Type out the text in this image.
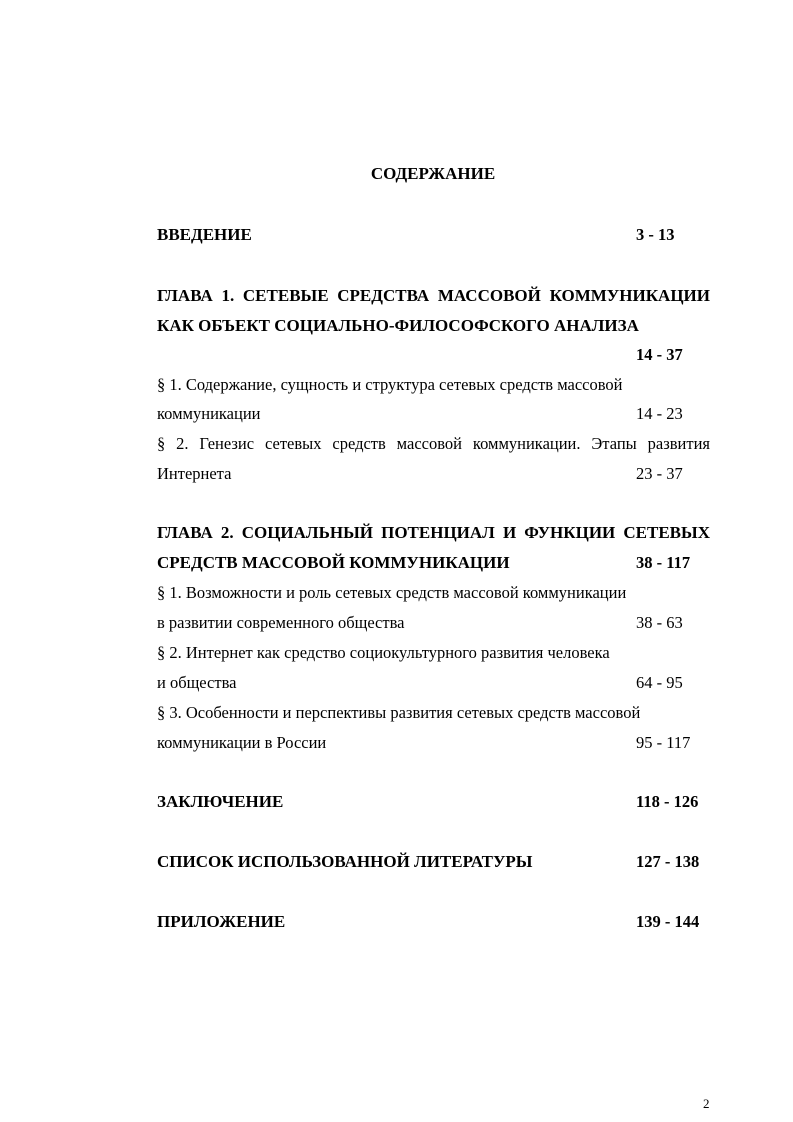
СОДЕРЖАНИЕ
ВВЕДЕНИЕ	3 - 13
ГЛАВА 1. СЕТЕВЫЕ СРЕДСТВА МАССОВОЙ КОММУНИКАЦИИ
КАК ОБЪЕКТ СОЦИАЛЬНО-ФИЛОСОФСКОГО АНАЛИЗА
14 - 37
§ 1. Содержание, сущность и структура сетевых средств массовой
коммуникации	14 - 23
§ 2. Генезис сетевых средств массовой коммуникации. Этапы развития
Интернета	23 - 37
ГЛАВА 2. СОЦИАЛЬНЫЙ ПОТЕНЦИАЛ И ФУНКЦИИ СЕТЕВЫХ
СРЕДСТВ МАССОВОЙ КОММУНИКАЦИИ	38 - 117
§ 1. Возможности и роль сетевых средств массовой коммуникации
в развитии современного общества	38 - 63
§ 2. Интернет как средство социокультурного развития человека
и общества	64 - 95
§ 3. Особенности и перспективы развития сетевых средств массовой
коммуникации в России	95 - 117
ЗАКЛЮЧЕНИЕ	118 - 126
СПИСОК ИСПОЛЬЗОВАННОЙ ЛИТЕРАТУРЫ	127 - 138
ПРИЛОЖЕНИЕ	139 - 144
2
